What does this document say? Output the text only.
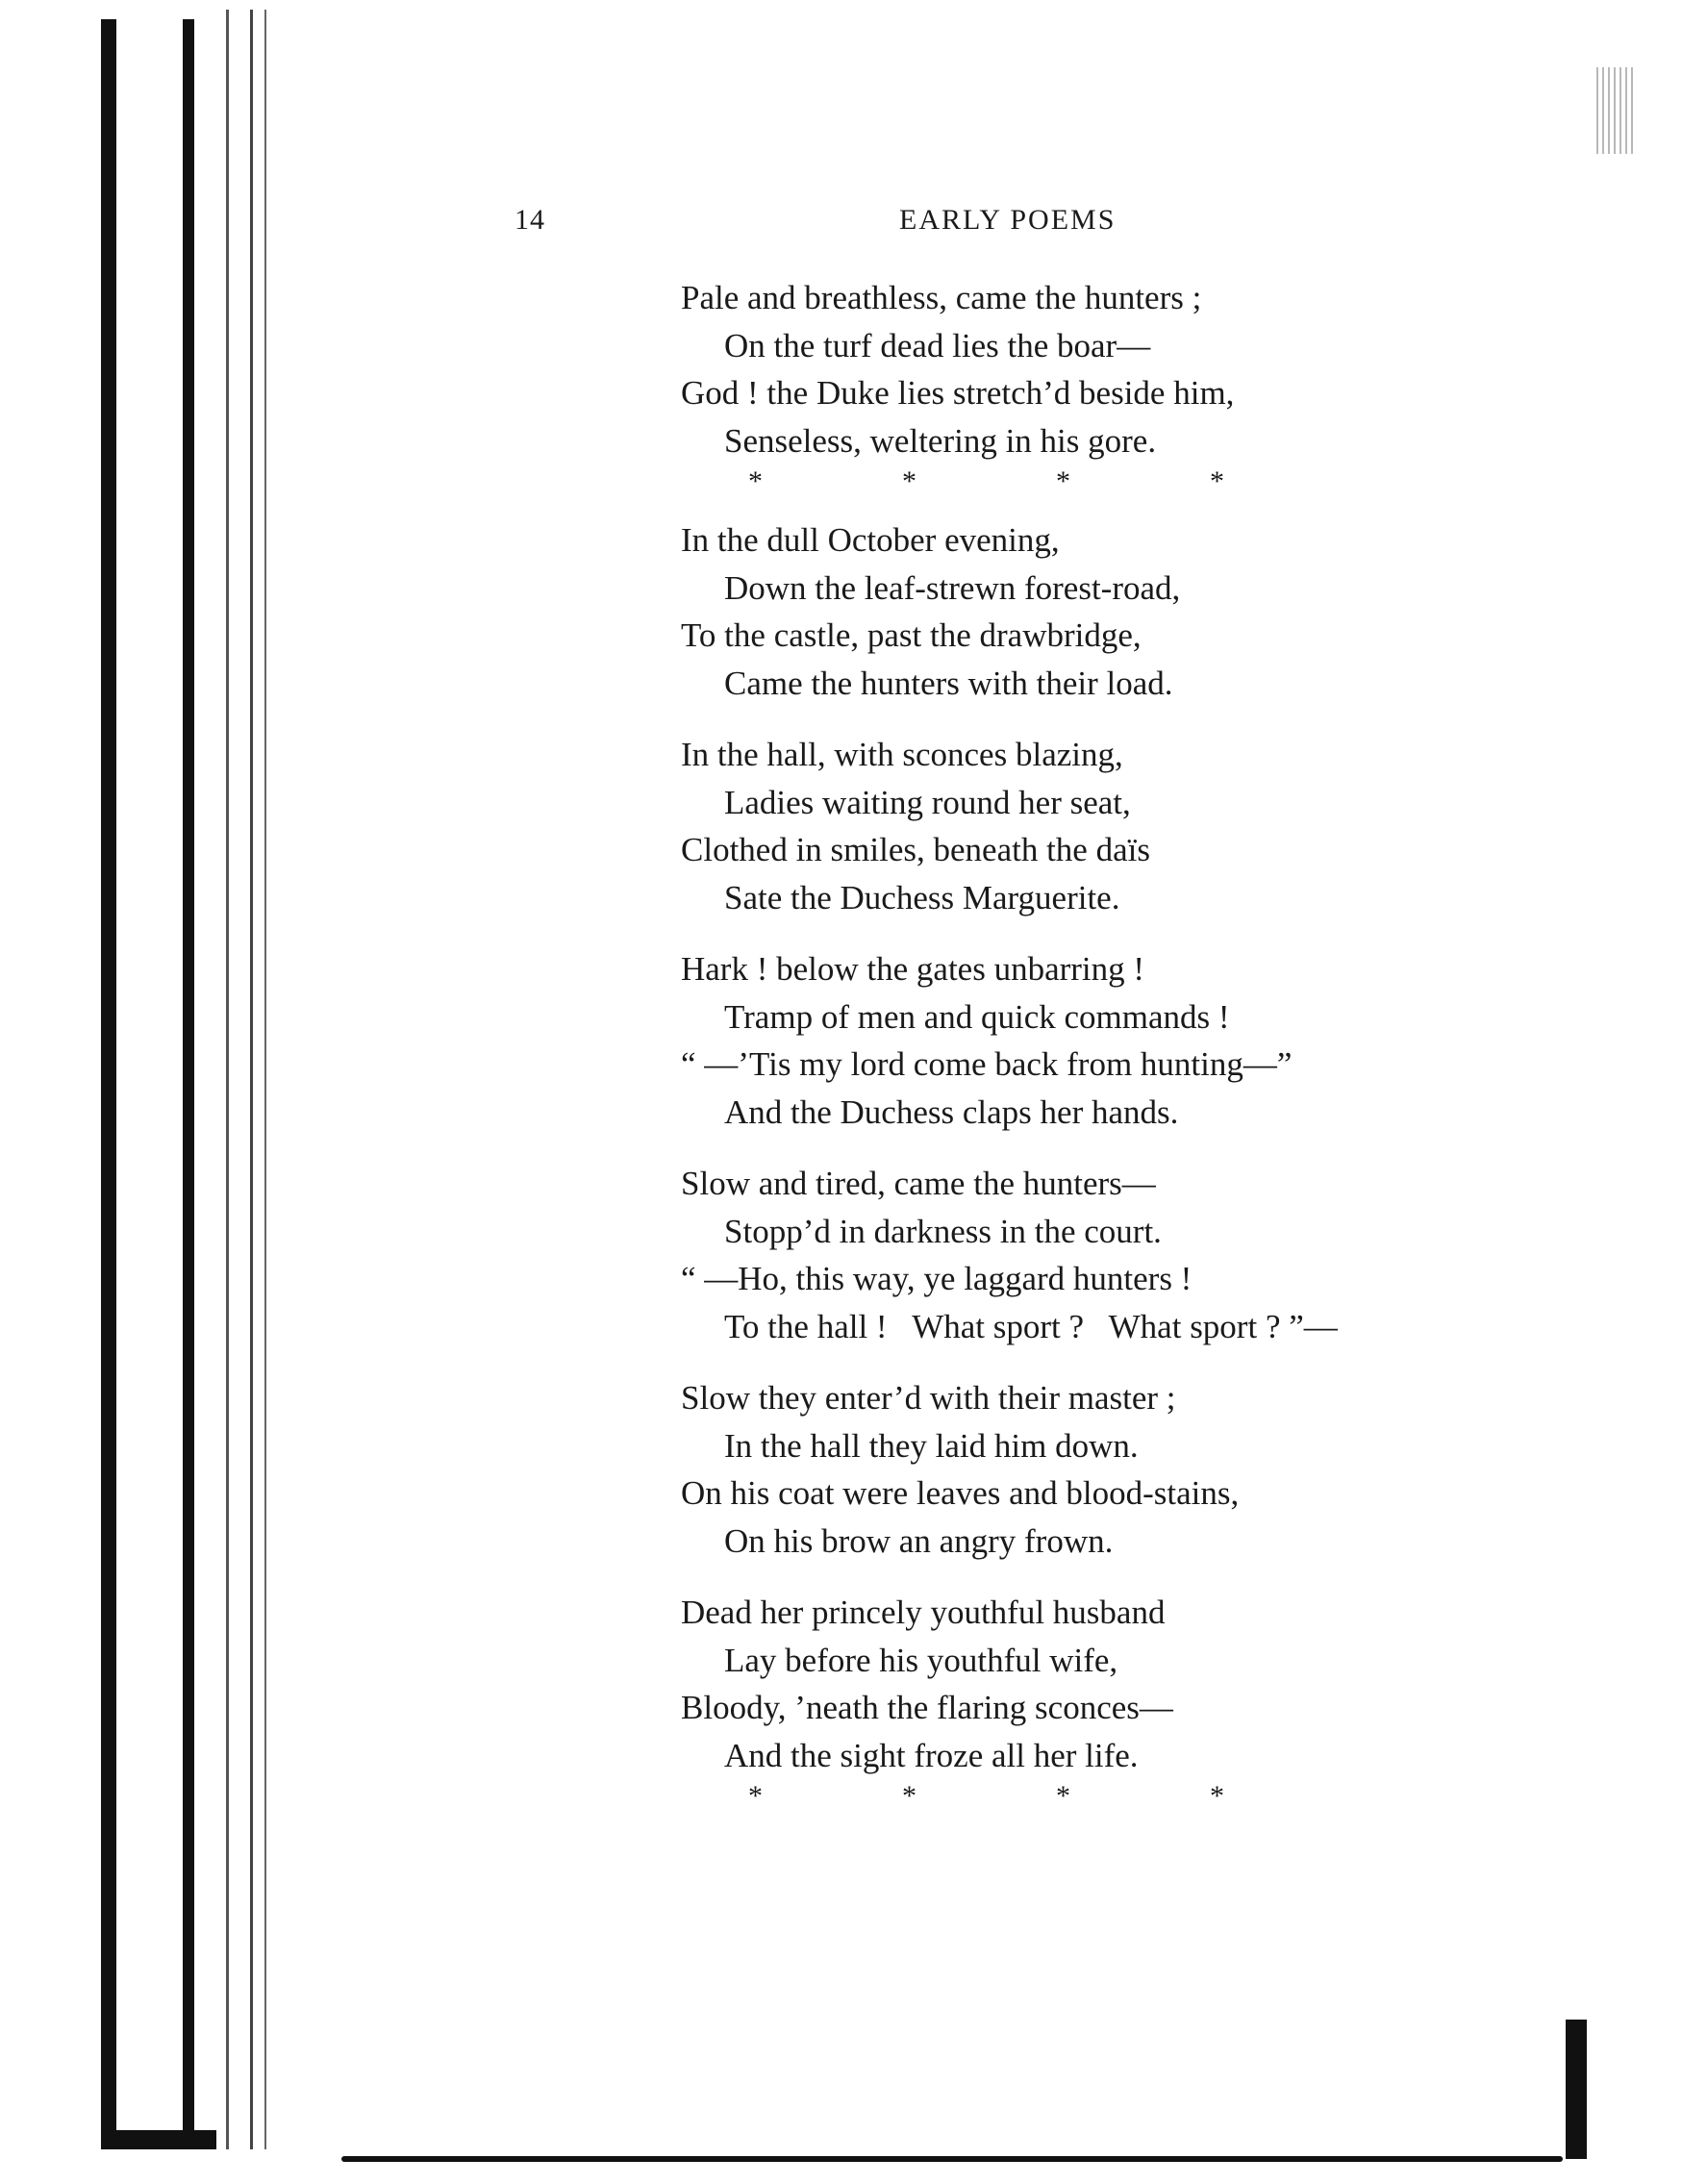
14	EARLY POEMS
Pale and breathless, came the hunters ;
On the turf dead lies the boar—
God ! the Duke lies stretch’d beside him,
Senseless, weltering in his gore.
*	*	*	*
In the dull October evening,
Down the leaf-strewn forest-road,
To the castle, past the drawbridge,
Came the hunters with their load.
In the hall, with sconces blazing,
Ladies waiting round her seat,
Clothed in smiles, beneath the daïs
Sate the Duchess Marguerite.
Hark ! below the gates unbarring !
Tramp of men and quick commands !
“ —’Tis my lord come back from hunting—”
And the Duchess claps her hands.
Slow and tired, came the hunters—
Stopp’d in darkness in the court.
“ —Ho, this way, ye laggard hunters !
To the hall !   What sport ?   What sport ? ”—
Slow they enter’d with their master ;
In the hall they laid him down.
On his coat were leaves and blood-stains,
On his brow an angry frown.
Dead her princely youthful husband
Lay before his youthful wife,
Bloody, ’neath the flaring sconces—
And the sight froze all her life.
*	*	*	*
